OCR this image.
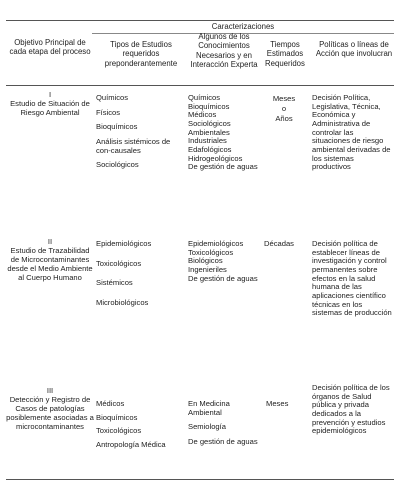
Objetivo Principal de cada etapa del proceso
Caracterizaciones
Tipos de Estudios requeridos preponderantemente
Algunos de los Conocimientos Necesarios y en Interacción Experta
Tiempos Estimados Requeridos
Políticas o líneas de Acción que involucran
I
Estudio de Situación de Riesgo Ambiental
Químicos
Físicos
Bioquímicos
Análisis sistémicos de con-causales
Sociológicos
Químicos
Bioquímicos
Médicos
Sociológicos
Ambientales
Industriales
Edafológicos
Hidrogeológicos
De gestión de aguas
Meses
o
Años
Decisión Política, Legislativa, Técnica, Económica y Administrativa de controlar las situaciones de riesgo ambiental derivadas de los sistemas productivos
II
Estudio de Trazabilidad de Microcontaminantes desde el Medio Ambiente al Cuerpo Humano
Epidemiológicos
Toxicológicos
Sistémicos
Microbiológicos
Epidemiológicos
Toxicológicos
Biológicos
Ingenieriles
De gestión de aguas
Décadas	Decisión política de establecer líneas de investigación y control permanentes sobre efectos en la salud humana de las aplicaciones científico técnicas en los sistemas de producción
III
Detección y Registro de Casos de patologías posiblemente asociadas a microcontaminantes
Médicos
Bioquímicos
Toxicológicos
Antropología Médica
En Medicina Ambiental
Semiología
De gestión de aguas
Meses
Decisión política de los órganos de Salud pública y privada dedicados a la prevención y estudios epidemiológicos
